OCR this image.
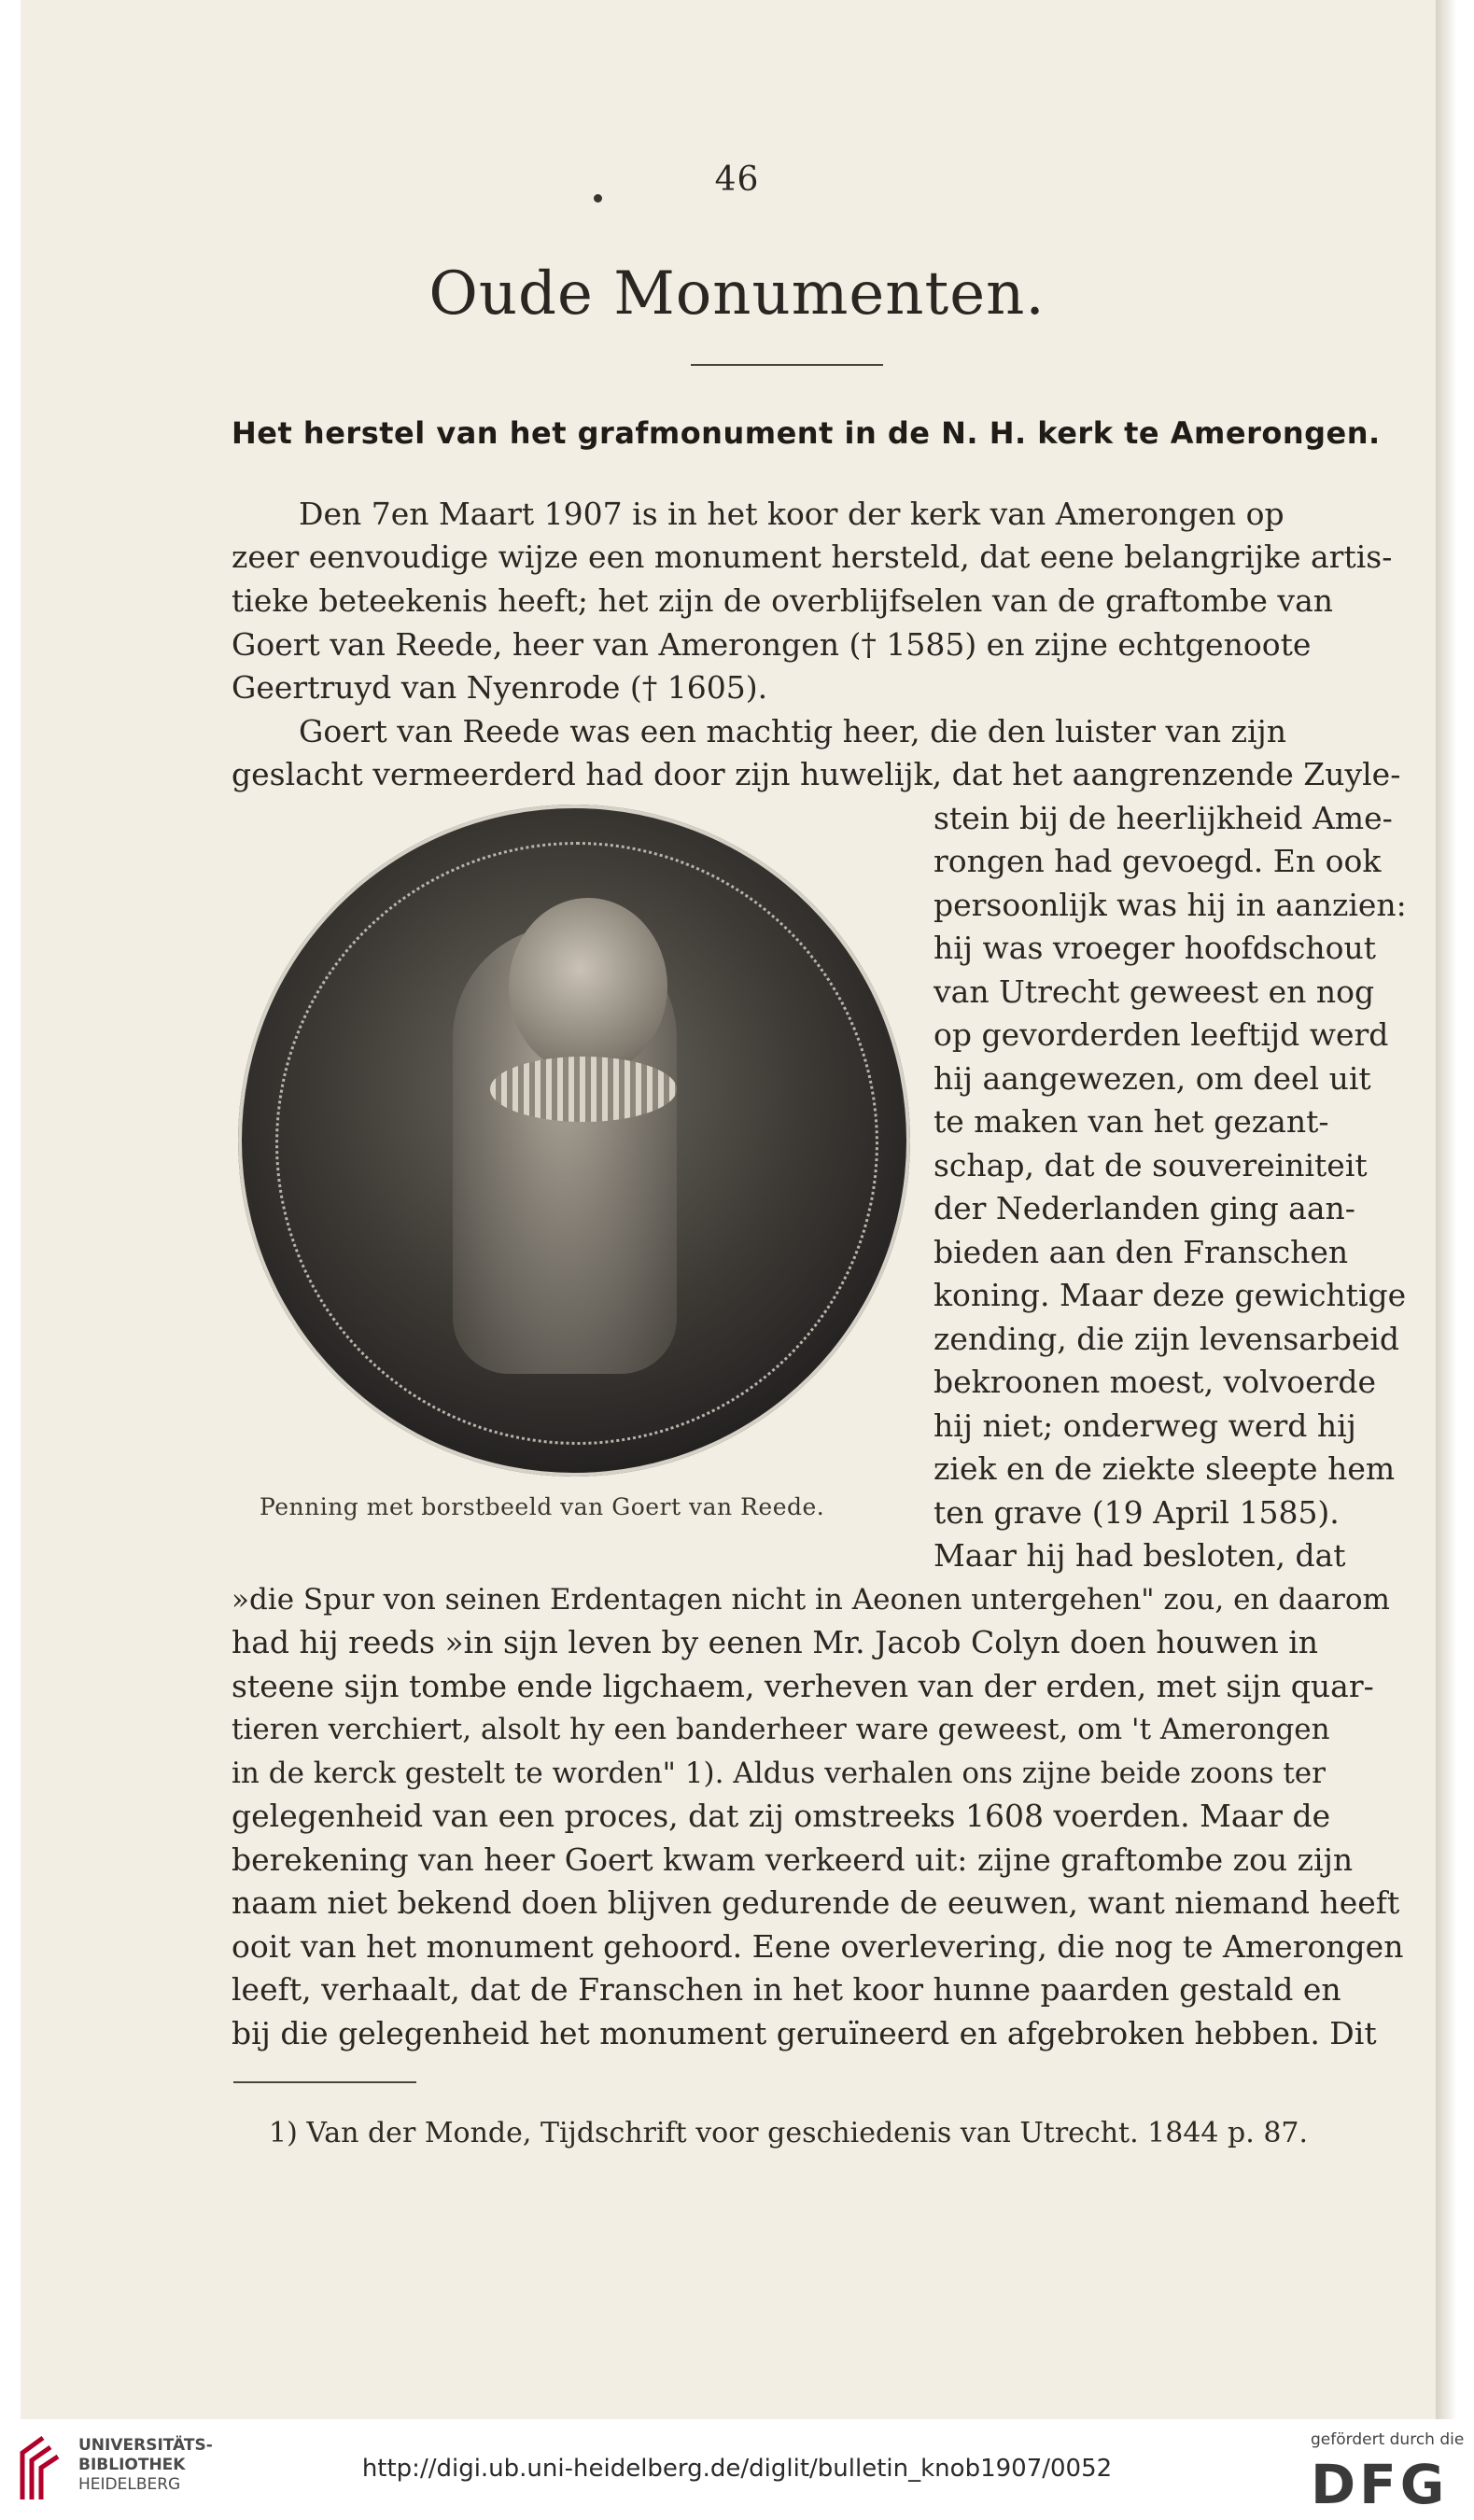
46
Oude Monumenten.
Het herstel van het grafmonument in de N. H. kerk te Amerongen.
Den 7en Maart 1907 is in het koor der kerk van Amerongen op
zeer eenvoudige wijze een monument hersteld, dat eene belangrijke artis-
tieke beteekenis heeft; het zijn de overblijfselen van de graftombe van
Goert van Reede, heer van Amerongen († 1585) en zijne echtgenoote
Geertruyd van Nyenrode († 1605).
Goert van Reede was een machtig heer, die den luister van zijn
geslacht vermeerderd had door zijn huwelijk, dat het aangrenzende Zuyle-
stein bij de heerlijkheid Ame-
rongen had gevoegd. En ook
persoonlijk was hij in aanzien:
hij was vroeger hoofdschout
van Utrecht geweest en nog
op gevorderden leeftijd werd
hij aangewezen, om deel uit
te maken van het gezant-
schap, dat de souvereiniteit
der Nederlanden ging aan-
bieden aan den Franschen
koning. Maar deze gewichtige
zending, die zijn levensarbeid
bekroonen moest, volvoerde
hij niet; onderweg werd hij
ziek en de ziekte sleepte hem
ten grave (19 April 1585).
Maar hij had besloten, dat
»die Spur von seinen Erdentagen nicht in Aeonen untergehen" zou, en daarom
had hij reeds »in sijn leven by eenen Mr. Jacob Colyn doen houwen in
steene sijn tombe ende ligchaem, verheven van der erden, met sijn quar-
tieren verchiert, alsolt hy een banderheer ware geweest, om 't Amerongen
in de kerck gestelt te worden" 1). Aldus verhalen ons zijne beide zoons ter
gelegenheid van een proces, dat zij omstreeks 1608 voerden. Maar de
berekening van heer Goert kwam verkeerd uit: zijne graftombe zou zijn
naam niet bekend doen blijven gedurende de eeuwen, want niemand heeft
ooit van het monument gehoord. Eene overlevering, die nog te Amerongen
leeft, verhaalt, dat de Franschen in het koor hunne paarden gestald en
bij die gelegenheid het monument geruïneerd en afgebroken hebben. Dit
Penning met borstbeeld van Goert van Reede.
1) Van der Monde, Tijdschrift voor geschiedenis van Utrecht. 1844 p. 87.
UNIVERSITÄTS-
BIBLIOTHEK
HEIDELBERG
http://digi.ub.uni-heidelberg.de/diglit/bulletin_knob1907/0052
gefördert durch die
DFG
